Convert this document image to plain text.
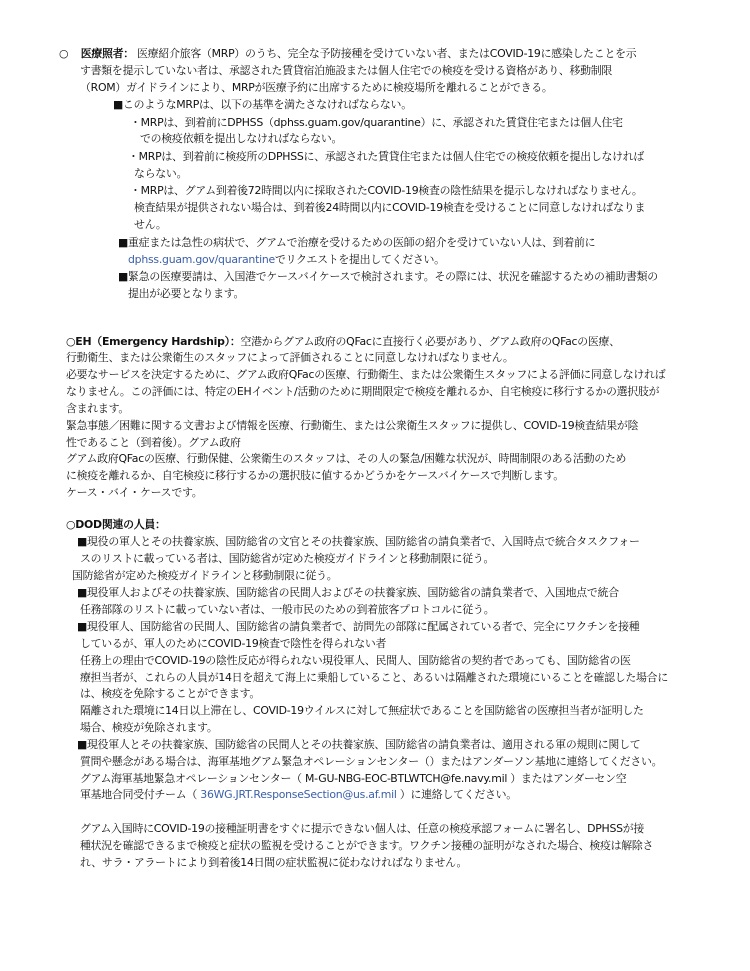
○ 医療照者： 医療紹介旅客（MRP）のうち、完全な予防接種を受けていない者、またはCOVID-19に感染したことを示
す書類を提示していない者は、承認された賃貸宿泊施設または個人住宅での検疫を受ける資格があり、移動制限
（ROM）ガイドラインにより、MRPが医療予約に出席するために検疫場所を離れることができる。
■このようなMRPは、以下の基準を満たさなければならない。
・MRPは、到着前にDPHSS（dphss.guam.gov/quarantine）に、承認された賃貸住宅または個人住宅
での検疫依頼を提出しなければならない。
・MRPは、到着前に検疫所のDPHSSに、承認された賃貸住宅または個人住宅での検疫依頼を提出しなければ
ならない。
・MRPは、グアム到着後72時間以内に採取されたCOVID-19検査の陰性結果を提示しなければなりません。
検査結果が提供されない場合は、到着後24時間以内にCOVID-19検査を受けることに同意しなければなりま
せん。
■重症または急性の病状で、グアムで治療を受けるための医師の紹介を受けていない人は、到着前に
dphss.guam.gov/quarantineでリクエストを提出してください。
■緊急の医療要請は、入国港でケースバイケースで検討されます。その際には、状況を確認するための補助書類の
提出が必要となります。
○EH（Emergency Hardship）：空港からグアム政府のQFacに直接行く必要があり、グアム政府のQFacの医療、
行動衛生、または公衆衛生のスタッフによって評価されることに同意しなければなりません。
必要なサービスを決定するために、グアム政府QFacの医療、行動衛生、または公衆衛生スタッフによる評価に同意しなければ
なりません。この評価には、特定のEHイベント/活動のために期間限定で検疫を離れるか、自宅検疫に移行するかの選択肢が
含まれます。
緊急事態／困難に関する文書および情報を医療、行動衛生、または公衆衛生スタッフに提供し、COVID-19検査結果が陰
性であること（到着後）。グアム政府
グアム政府QFacの医療、行動保健、公衆衛生のスタッフは、その人の緊急/困難な状況が、時間制限のある活動のため
に検疫を離れるか、自宅検疫に移行するかの選択肢に値するかどうかをケースバイケースで判断します。
ケース・バイ・ケースです。
○DOD関連の人員：
■現役の軍人とその扶養家族、国防総省の文官とその扶養家族、国防総省の請負業者で、入国時点で統合タスクフォー
スのリストに載っている者は、国防総省が定めた検疫ガイドラインと移動制限に従う。
国防総省が定めた検疫ガイドラインと移動制限に従う。
■現役軍人およびその扶養家族、国防総省の民間人およびその扶養家族、国防総省の請負業者で、入国地点で統合
任務部隊のリストに載っていない者は、一般市民のための到着旅客プロトコルに従う。
■現役軍人、国防総省の民間人、国防総省の請負業者で、訪問先の部隊に配属されている者で、完全にワクチンを接種
しているが、軍人のためにCOVID-19検査で陰性を得られない者
任務上の理由でCOVID-19の陰性反応が得られない現役軍人、民間人、国防総省の契約者であっても、国防総省の医
療担当者が、これらの人員が14日を超えて海上に乗船していること、あるいは隔離された環境にいることを確認した場合に
は、検疫を免除することができます。
隔離された環境に14日以上滞在し、COVID-19ウイルスに対して無症状であることを国防総省の医療担当者が証明した
場合、検疫が免除されます。
■現役軍人とその扶養家族、国防総省の民間人とその扶養家族、国防総省の請負業者は、適用される軍の規則に関して
質問や懸念がある場合は、海軍基地グアム緊急オペレーションセンター（）またはアンダーソン基地に連絡してください。
グアム海軍基地緊急オペレーションセンター（ M-GU-NBG-EOC-BTLWTCH@fe.navy.mil ）またはアンダーセン空
軍基地合同受付チーム（ 36WG.JRT.ResponseSection@us.af.mil ）に連絡してください。
グアム入国時にCOVID-19の接種証明書をすぐに提示できない個人は、任意の検疫承認フォームに署名し、DPHSSが接
種状況を確認できるまで検疫と症状の監視を受けることができます。ワクチン接種の証明がなされた場合、検疫は解除さ
れ、サラ・アラートにより到着後14日間の症状監視に従わなければなりません。
